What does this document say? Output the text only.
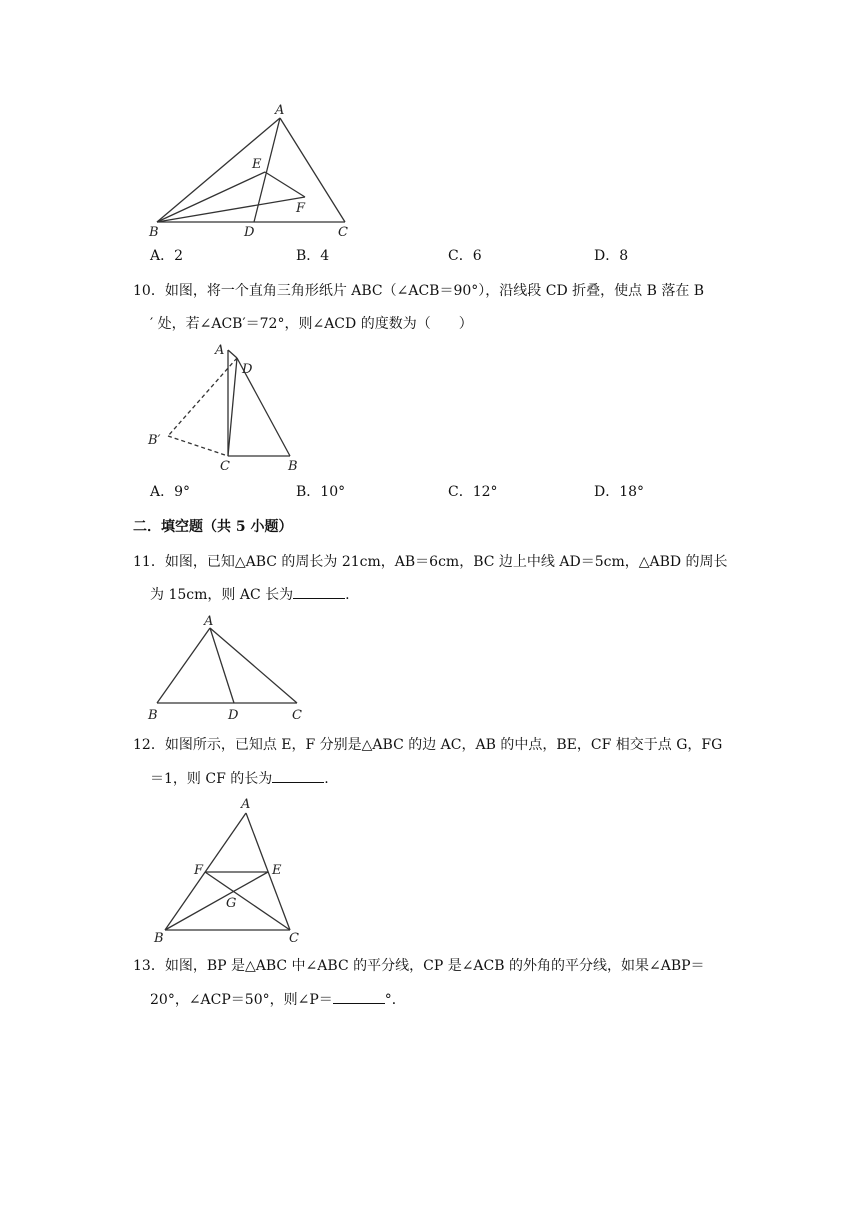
A
E
F
B	D	C
A．2	B．4	C．6	D．8
10．如图，将一个直角三角形纸片 ABC（∠ACB＝90°），沿线段 CD 折叠，使点 B 落在 B
′ 处，若∠ACB′＝72°，则∠ACD 的度数为（　　）
A
D
B′
C	B
A．9°	B．10°	C．12°	D．18°
二．填空题（共 5 小题）
11．如图，已知△ABC 的周长为 21cm，AB＝6cm，BC 边上中线 AD＝5cm，△ABD 的周长
为 15cm，则 AC 长为	.
A
B	D	C
12．如图所示，已知点 E，F 分别是△ABC 的边 AC，AB 的中点，BE，CF 相交于点 G，FG
＝1，则 CF 的长为	.
A
F	E
G
B	C
13．如图，BP 是△ABC 中∠ABC 的平分线，CP 是∠ACB 的外角的平分线，如果∠ABP＝
20°，∠ACP＝50°，则∠P＝	°．
